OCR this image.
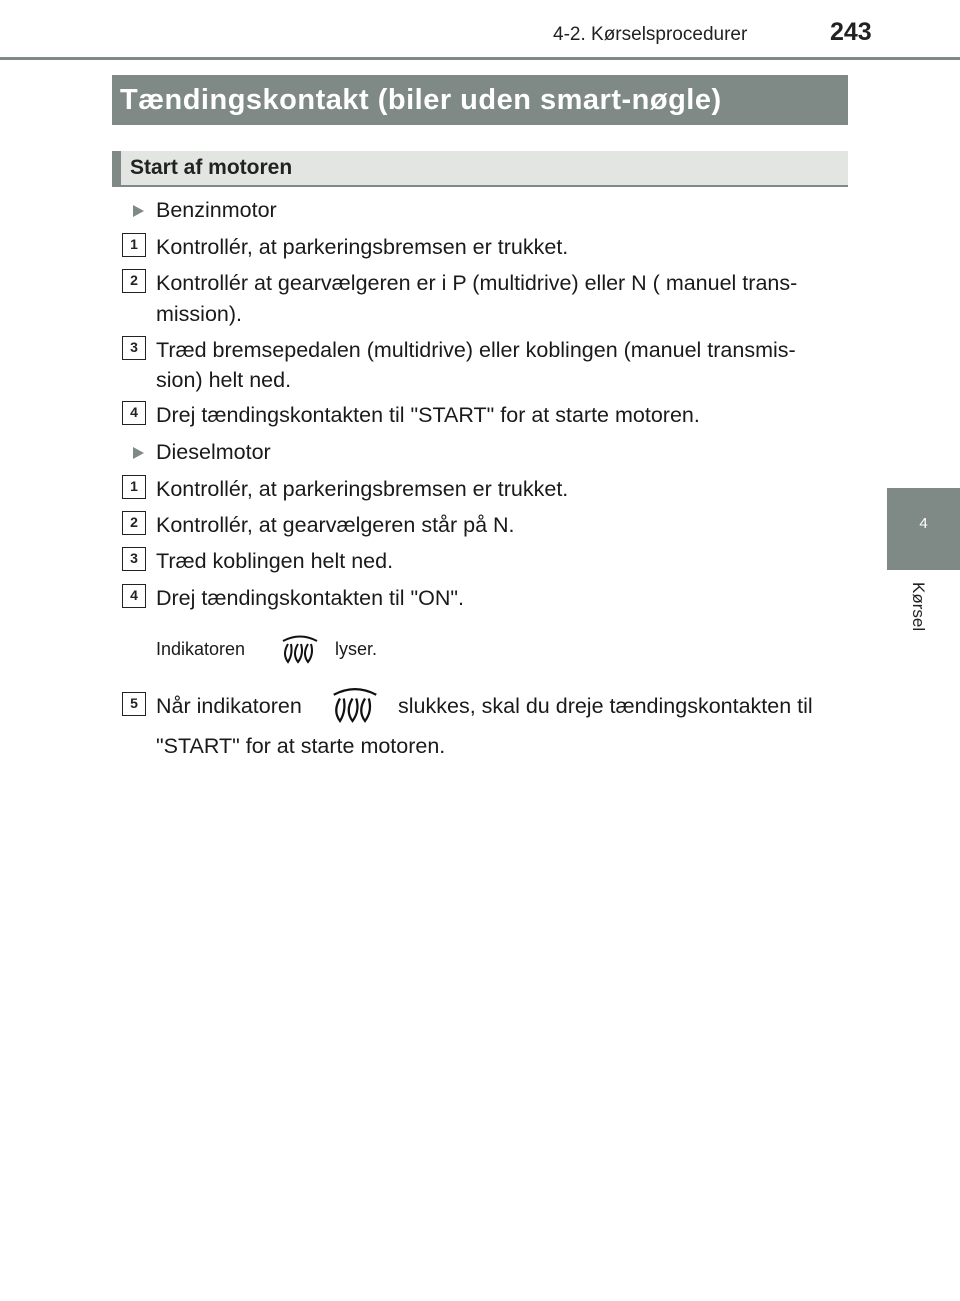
4-2. Kørselsprocedurer	243
Tændingskontakt (biler uden smart-nøgle)
Start af motoren
4
Kørsel
Benzinmotor
1 Kontrollér, at parkeringsbremsen er trukket.
2 Kontrollér at gearvælgeren er i P (multidrive) eller N ( manuel trans-
mission).
3 Træd bremsepedalen (multidrive) eller koblingen (manuel transmis-
sion) helt ned.
4 Drej tændingskontakten til "START" for at starte motoren.
Dieselmotor
1 Kontrollér, at parkeringsbremsen er trukket.
2 Kontrollér, at gearvælgeren står på N.
3 Træd koblingen helt ned.
4 Drej tændingskontakten til "ON".
Indikatoren	lyser.
5 Når indikatoren	slukkes, skal du dreje tændingskontakten til
"START" for at starte motoren.
